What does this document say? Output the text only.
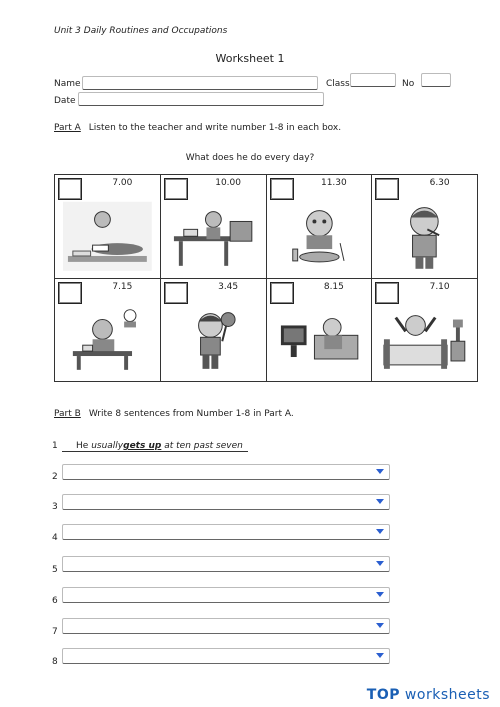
Unit 3 Daily Routines and Occupations
Worksheet 1
Name	Class	No
Date
Part A Listen to the teacher and write number 1-8 in each box.
What does he do every day?
7.00	10.00	11.30	6.30

7.15	3.45	8.15	7.10
Part B Write 8 sentences from Number 1-8 in Part A.
1	He usuallygets up at ten past seven
2
3
4
5
6
7
8
TOP worksheets
